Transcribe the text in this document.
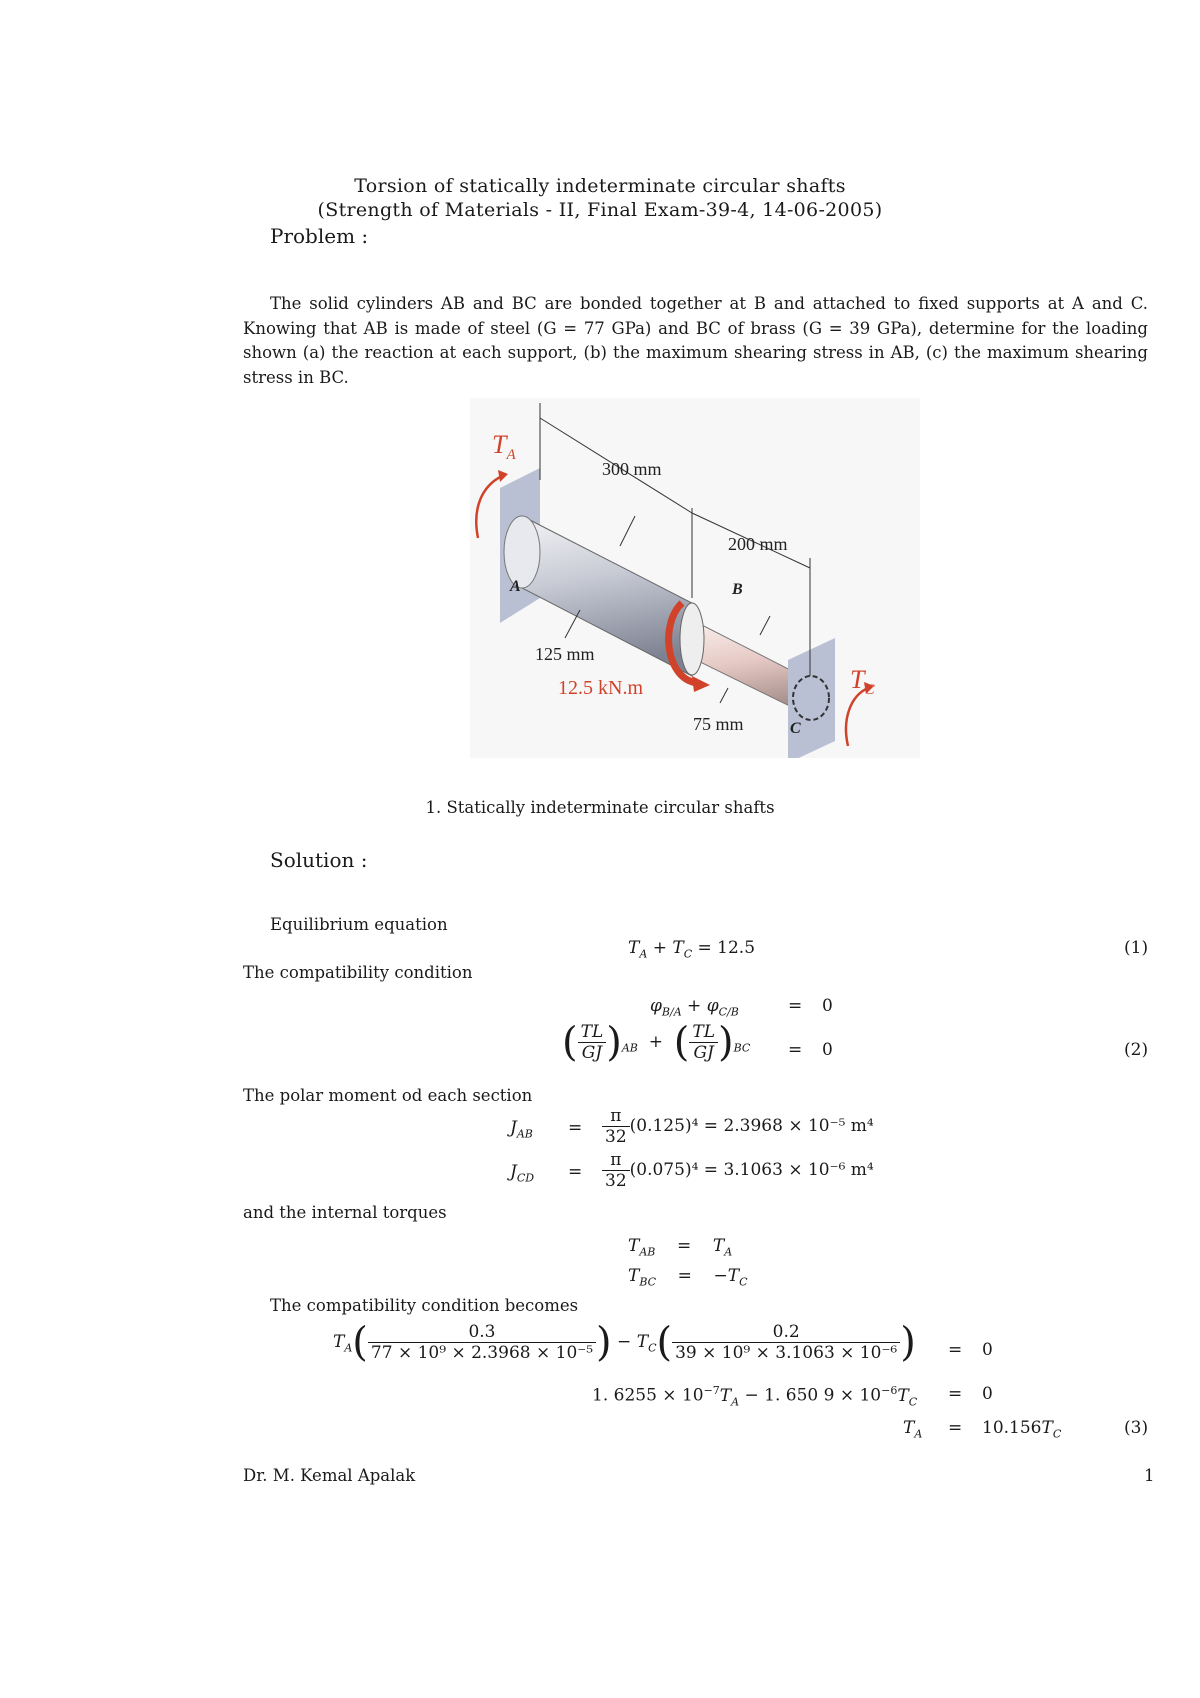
Torsion of statically indeterminate circular shafts
(Strength of Materials - II, Final Exam-39-4, 14-06-2005)
Problem :
The solid cylinders AB and BC are bonded together at B and attached to fixed supports at A and C. Knowing that AB is made of steel (G = 77 GPa) and BC of brass (G = 39 GPa), determine for the loading shown (a) the reaction at each support, (b) the maximum shearing stress in AB, (c) the maximum shearing stress in BC.
$T_A$
$T_C$
300 mm
200 mm
A	B
C
125 mm
12.5 kN.m
75 mm
1. Statically indeterminate circular shafts
Solution :
Equilibrium equation
$T_A + T_C = 12.5$	(1)
The compatibility condition
$\varphi_{B/A} + \varphi_{C/B}$	= 0
( $\frac{TL}{GJ} )_{AB}$  +  ( $\frac{TL}{GJ} )_{BC} = 0$	(2)
The polar moment od each section
$J_{AB} = \frac{\pi}{32} (0.125)^4 = 2.3968 \times 10^{-5}$ m⁴
$J_{CD} = \frac{\pi}{32} (0.075)^4 = 3.1063 \times 10^{-6}$ m⁴
and the internal torques
$T_{AB}$    =    $T_A$
$T_{BC}$    =    $-T_C$
The compatibility condition becomes
$T_A( \frac{0.3}{\text{77 × 10⁹ × 2.3968 × 10⁻⁵}}$ ) − $T_C( \frac{0.2}{\text{39 × 10⁹ × 3.1063 × 10⁻⁶}}$ ) = 0
1. $6255 \times 10^{-7}T_A - 1$. 650 $9 \times 10^{-6}T_C = 0$
$T_A = 10.156T_C$	(3)
Dr. M. Kemal Apalak	1
